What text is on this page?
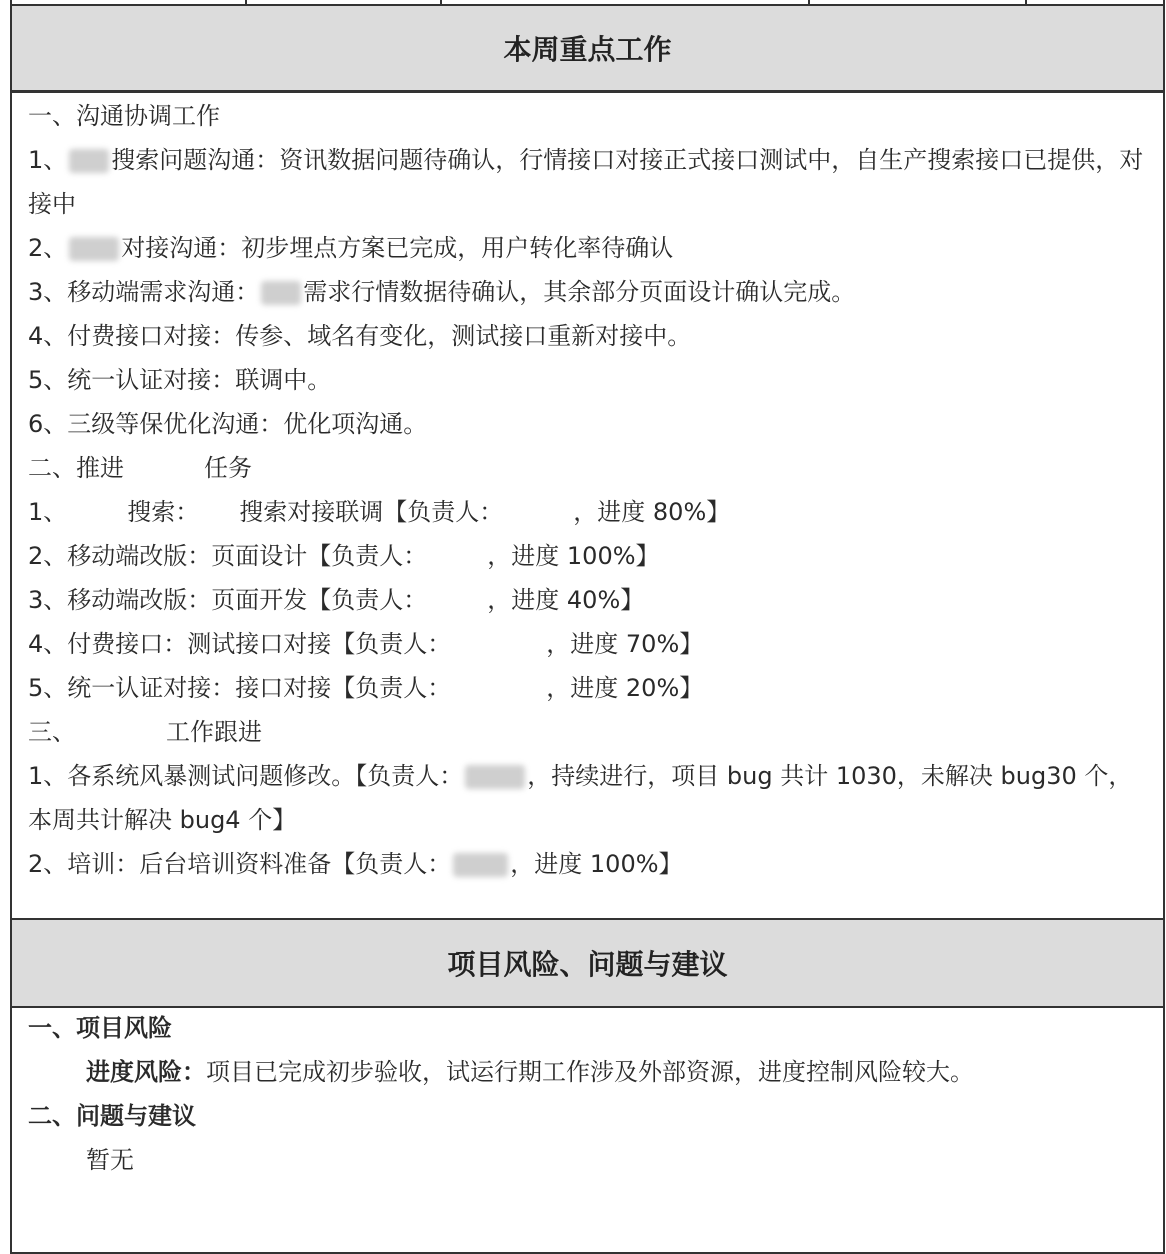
本周重点工作
一、沟通协调工作
1、 搜索问题沟通：资讯数据问题待确认，行情接口对接正式接口测试中，自生产搜索接口已提供，对接中
2、 对接沟通：初步埋点方案已完成，用户转化率待确认
3、移动端需求沟通： 需求行情数据待确认，其余部分页面设计确认完成。
4、付费接口对接：传参、域名有变化，测试接口重新对接中。
5、统一认证对接：联调中。
6、三级等保优化沟通：优化项沟通。
二、推进	任务
1、	搜索： 搜索对接联调【负责人：	，进度 80%】
2、移动端改版：页面设计【负责人：	，进度 100%】
3、移动端改版：页面开发【负责人：	，进度 40%】
4、付费接口：测试接口对接【负责人：	，进度 70%】
5、统一认证对接：接口对接【负责人：	，进度 20%】
三、	工作跟进
1、各系统风暴测试问题修改。【负责人：	，持续进行，项目 bug 共计 1030，未解决 bug30 个，本周共计解决 bug4 个】
2、培训：后台培训资料准备【负责人： ，进度 100%】
项目风险、问题与建议
一、项目风险
进度风险：项目已完成初步验收，试运行期工作涉及外部资源，进度控制风险较大。
二、问题与建议
暂无
